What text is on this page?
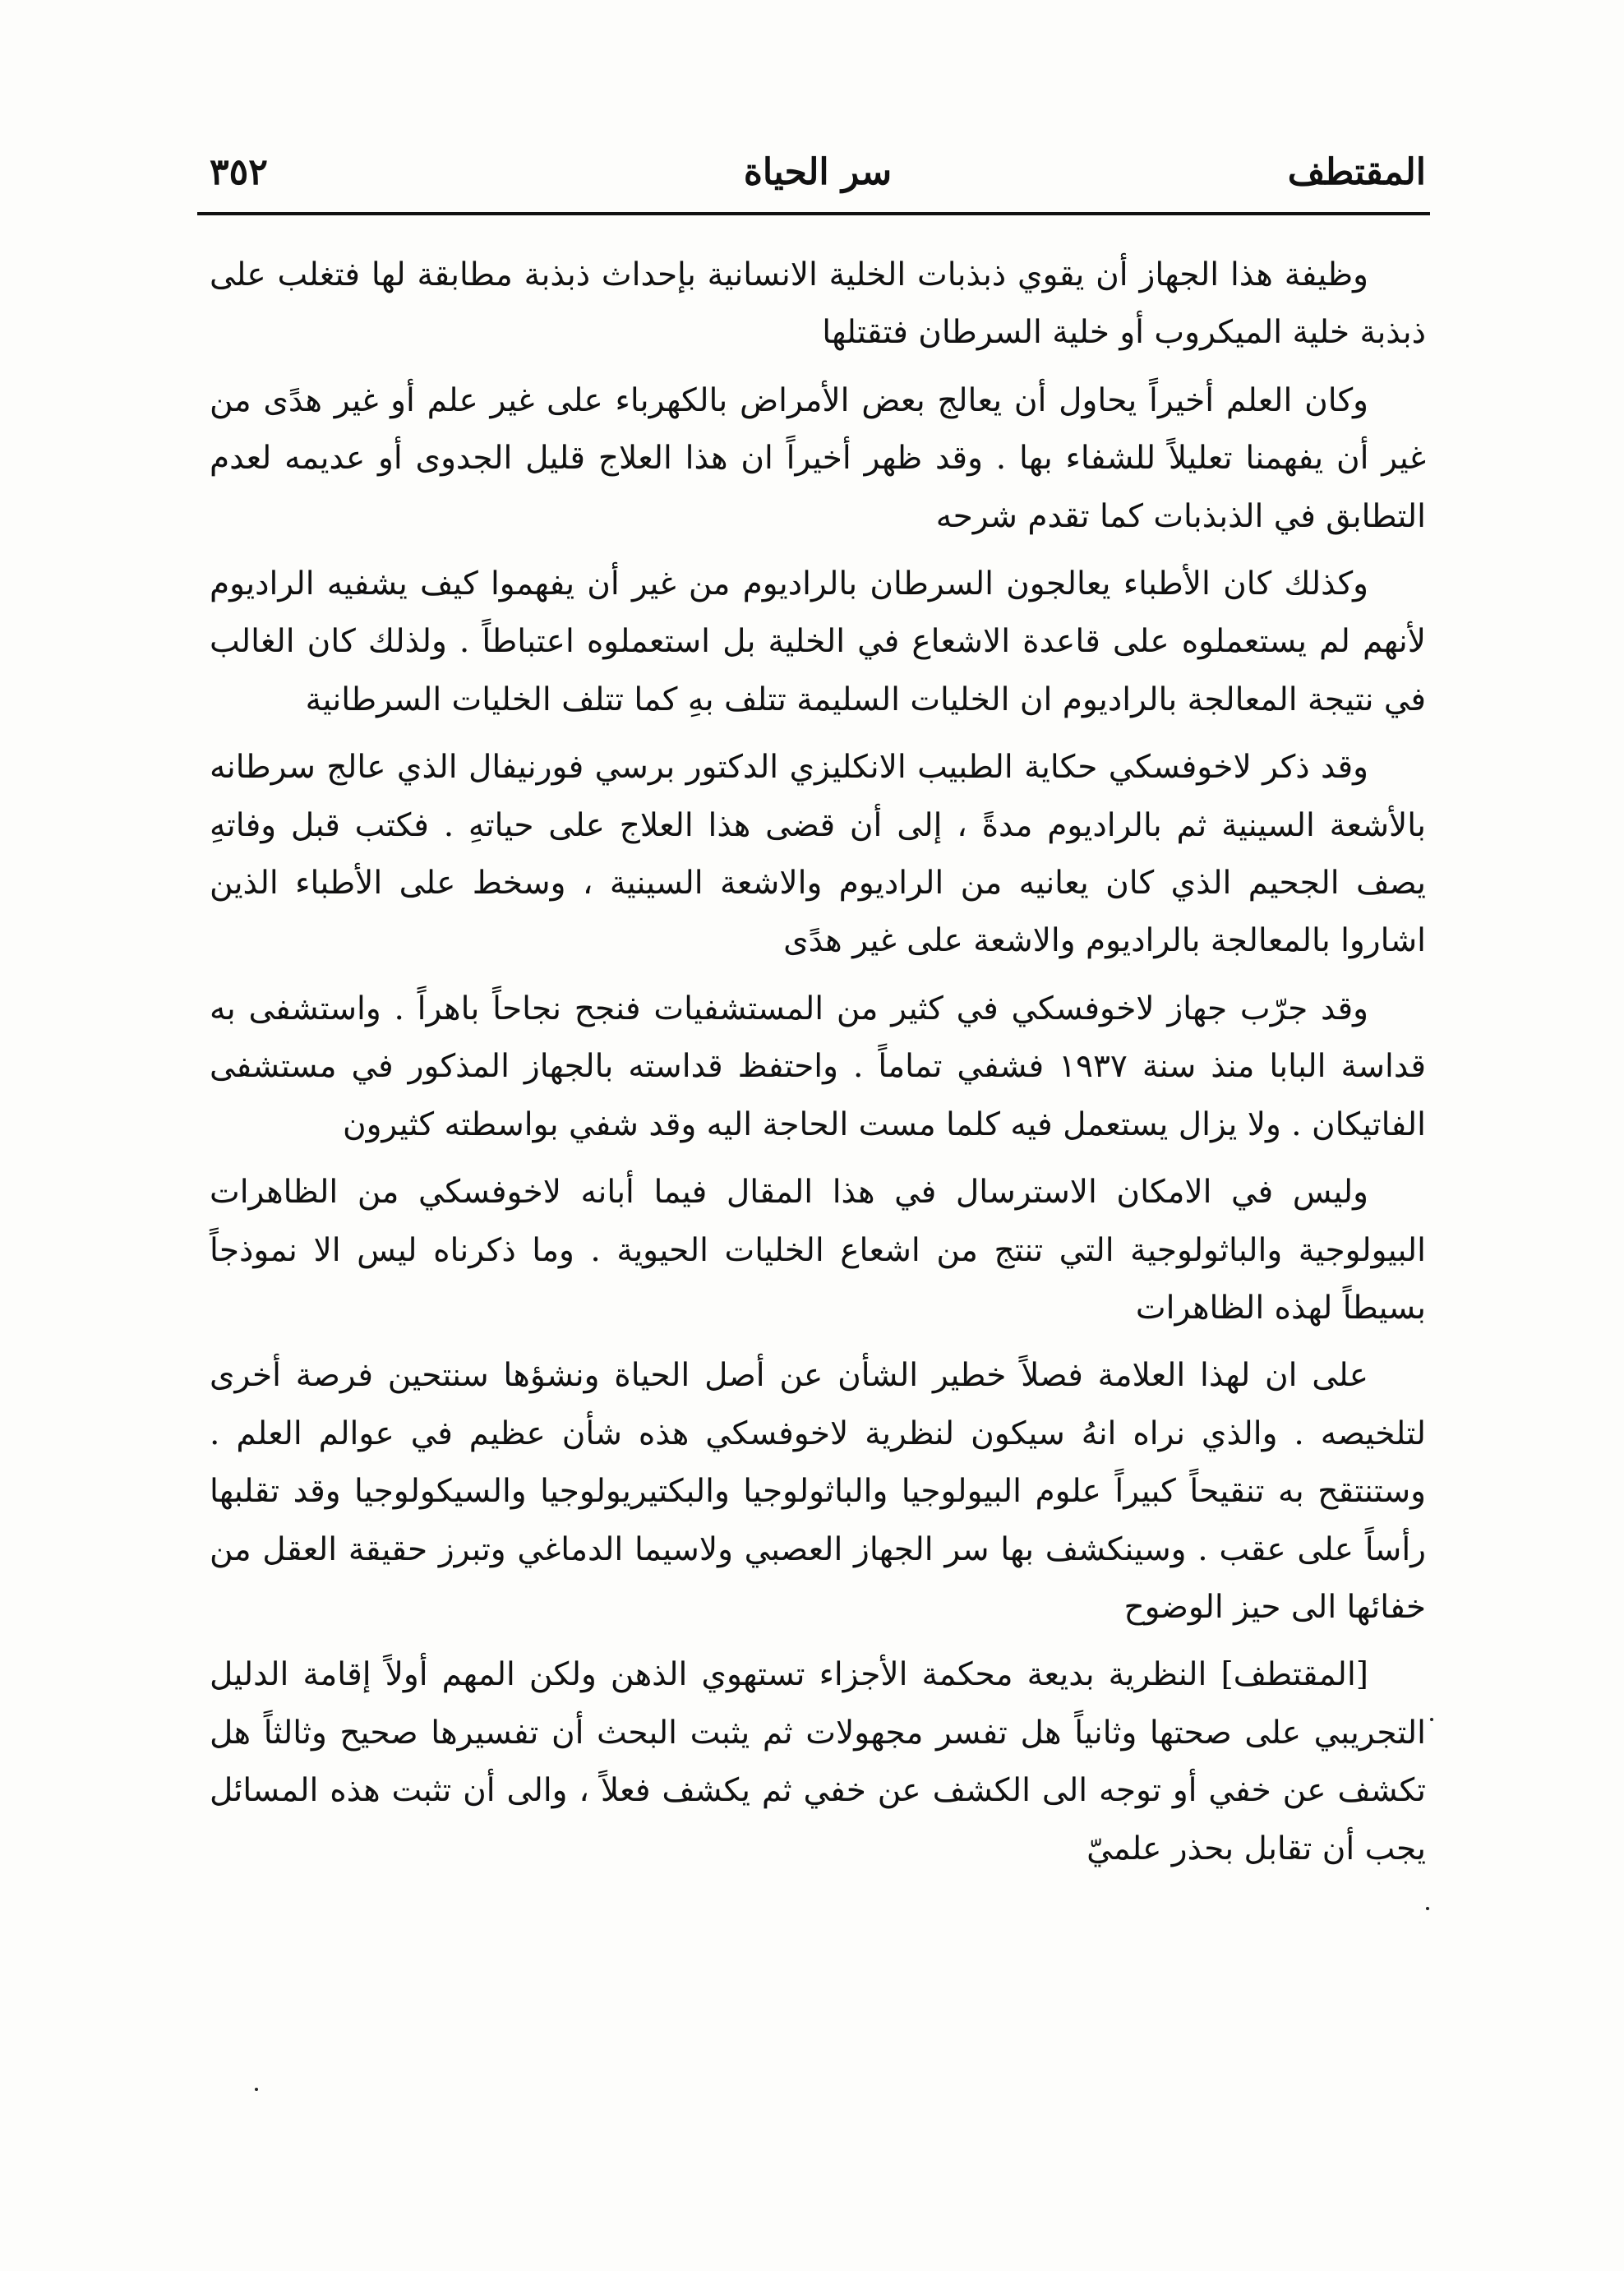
المقتطف
سر الحياة
٣٥٢

وظيفة هذا الجهاز أن يقوي ذبذبات الخلية الانسانية بإحداث ذبذبة مطابقة لها فتغلب على ذبذبة خلية الميكروب أو خلية السرطان فتقتلها

وكان العلم أخيراً يحاول أن يعالج بعض الأمراض بالكهرباء على غير علم أو غير هدًى من غير أن يفهمنا تعليلاً للشفاء بها . وقد ظهر أخيراً ان هذا العلاج قليل الجدوى أو عديمه لعدم التطابق في الذبذبات كما تقدم شرحه

وكذلك كان الأطباء يعالجون السرطان بالراديوم من غير أن يفهموا كيف يشفيه الراديوم لأنهم لم يستعملوه على قاعدة الاشعاع في الخلية بل استعملوه اعتباطاً . ولذلك كان الغالب في نتيجة المعالجة بالراديوم ان الخليات السليمة تتلف بهِ كما تتلف الخليات السرطانية

وقد ذكر لاخوفسكي حكاية الطبيب الانكليزي الدكتور برسي فورنيفال الذي عالج سرطانه بالأشعة السينية ثم بالراديوم مدةً ، إلى أن قضى هذا العلاج على حياتهِ . فكتب قبل وفاتهِ يصف الجحيم الذي كان يعانيه من الراديوم والاشعة السينية ، وسخط على الأطباء الذين اشاروا بالمعالجة بالراديوم والاشعة على غير هدًى

وقد جرّب جهاز لاخوفسكي في كثير من المستشفيات فنجح نجاحاً باهراً . واستشفى به قداسة البابا منذ سنة ١٩٣٧ فشفي تماماً . واحتفظ قداسته بالجهاز المذكور في مستشفى الفاتيكان . ولا يزال يستعمل فيه كلما مست الحاجة اليه وقد شفي بواسطته كثيرون

وليس في الامكان الاسترسال في هذا المقال فيما أبانه لاخوفسكي من الظاهرات البيولوجية والباثولوجية التي تنتج من اشعاع الخليات الحيوية . وما ذكرناه ليس الا نموذجاً بسيطاً لهذه الظاهرات

على ان لهذا العلامة فصلاً خطير الشأن عن أصل الحياة ونشؤها سنتحين فرصة أخرى لتلخيصه . والذي نراه انهُ سيكون لنظرية لاخوفسكي هذه شأن عظيم في عوالم العلم . وستنتقح به تنقيحاً كبيراً علوم البيولوجيا والباثولوجيا والبكتيريولوجيا والسيكولوجيا وقد تقلبها رأساً على عقب . وسينكشف بها سر الجهاز العصبي ولاسيما الدماغي وتبرز حقيقة العقل من خفائها الى حيز الوضوح

[المقتطف] النظرية بديعة محكمة الأجزاء تستهوي الذهن ولكن المهم أولاً إقامة الدليل التجريبي على صحتها وثانياً هل تفسر مجهولات ثم يثبت البحث أن تفسيرها صحيح وثالثاً هل تكشف عن خفي أو توجه الى الكشف عن خفي ثم يكشف فعلاً ، والى أن تثبت هذه المسائل يجب أن تقابل بحذر علميّ
